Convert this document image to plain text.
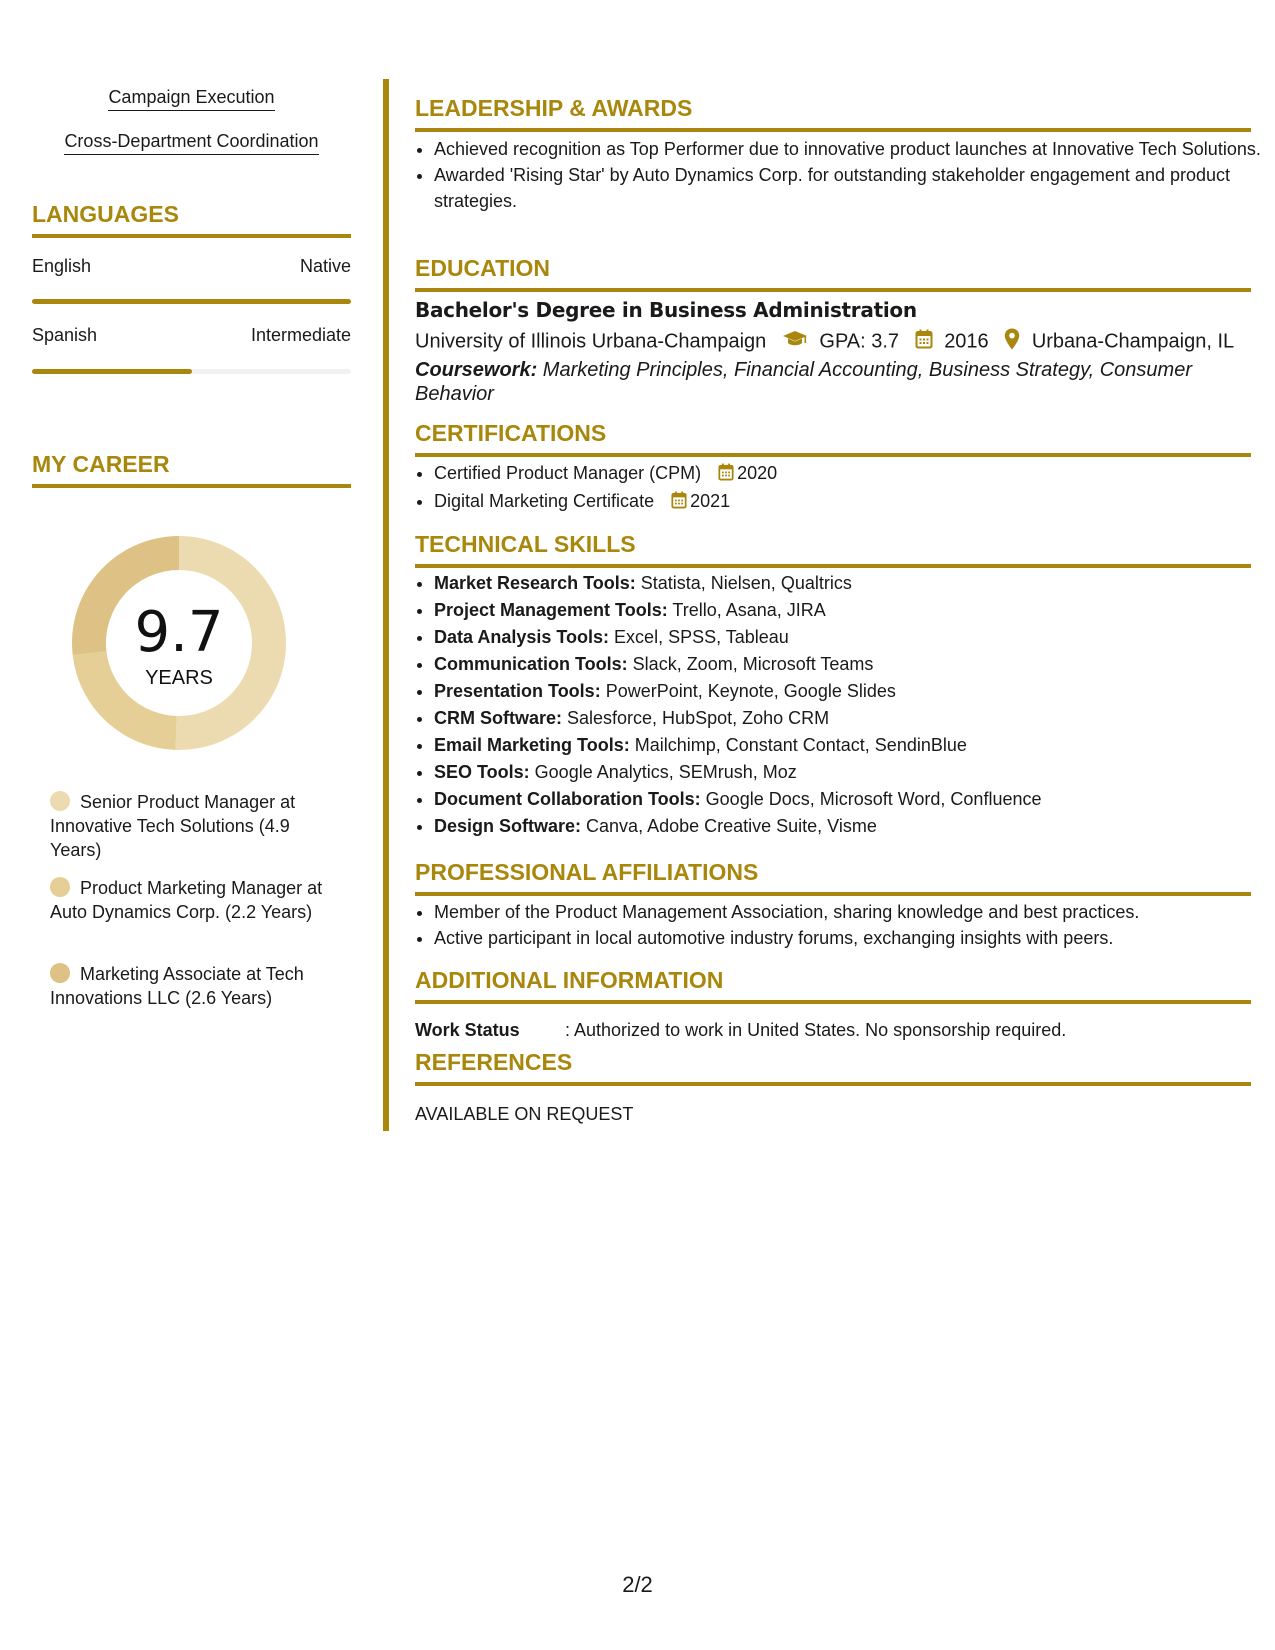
Campaign Execution
Cross-Department Coordination
LANGUAGES
English	Native
Spanish	Intermediate
MY CAREER
9.7
YEARS
Senior Product Manager at Innovative Tech Solutions (4.9 Years)
Product Marketing Manager at Auto Dynamics Corp. (2.2 Years)
Marketing Associate at Tech Innovations LLC (2.6 Years)
LEADERSHIP & AWARDS
• Achieved recognition as Top Performer due to innovative product launches at Innovative Tech Solutions.
• Awarded 'Rising Star' by Auto Dynamics Corp. for outstanding stakeholder engagement and product strategies.
EDUCATION
Bachelor's Degree in Business Administration
University of Illinois Urbana-Champaign	GPA: 3.7 2016 Urbana-Champaign, IL
Coursework: Marketing Principles, Financial Accounting, Business Strategy, Consumer Behavior
CERTIFICATIONS
• Certified Product Manager (CPM) 2020
• Digital Marketing Certificate 2021
TECHNICAL SKILLS
• Market Research Tools: Statista, Nielsen, Qualtrics
• Project Management Tools: Trello, Asana, JIRA
• Data Analysis Tools: Excel, SPSS, Tableau
• Communication Tools: Slack, Zoom, Microsoft Teams
• Presentation Tools: PowerPoint, Keynote, Google Slides
• CRM Software: Salesforce, HubSpot, Zoho CRM
• Email Marketing Tools: Mailchimp, Constant Contact, SendinBlue
• SEO Tools: Google Analytics, SEMrush, Moz
• Document Collaboration Tools: Google Docs, Microsoft Word, Confluence
• Design Software: Canva, Adobe Creative Suite, Visme
PROFESSIONAL AFFILIATIONS
• Member of the Product Management Association, sharing knowledge and best practices.
• Active participant in local automotive industry forums, exchanging insights with peers.
ADDITIONAL INFORMATION
Work Status	: Authorized to work in United States. No sponsorship required.
REFERENCES
AVAILABLE ON REQUEST
2/2
